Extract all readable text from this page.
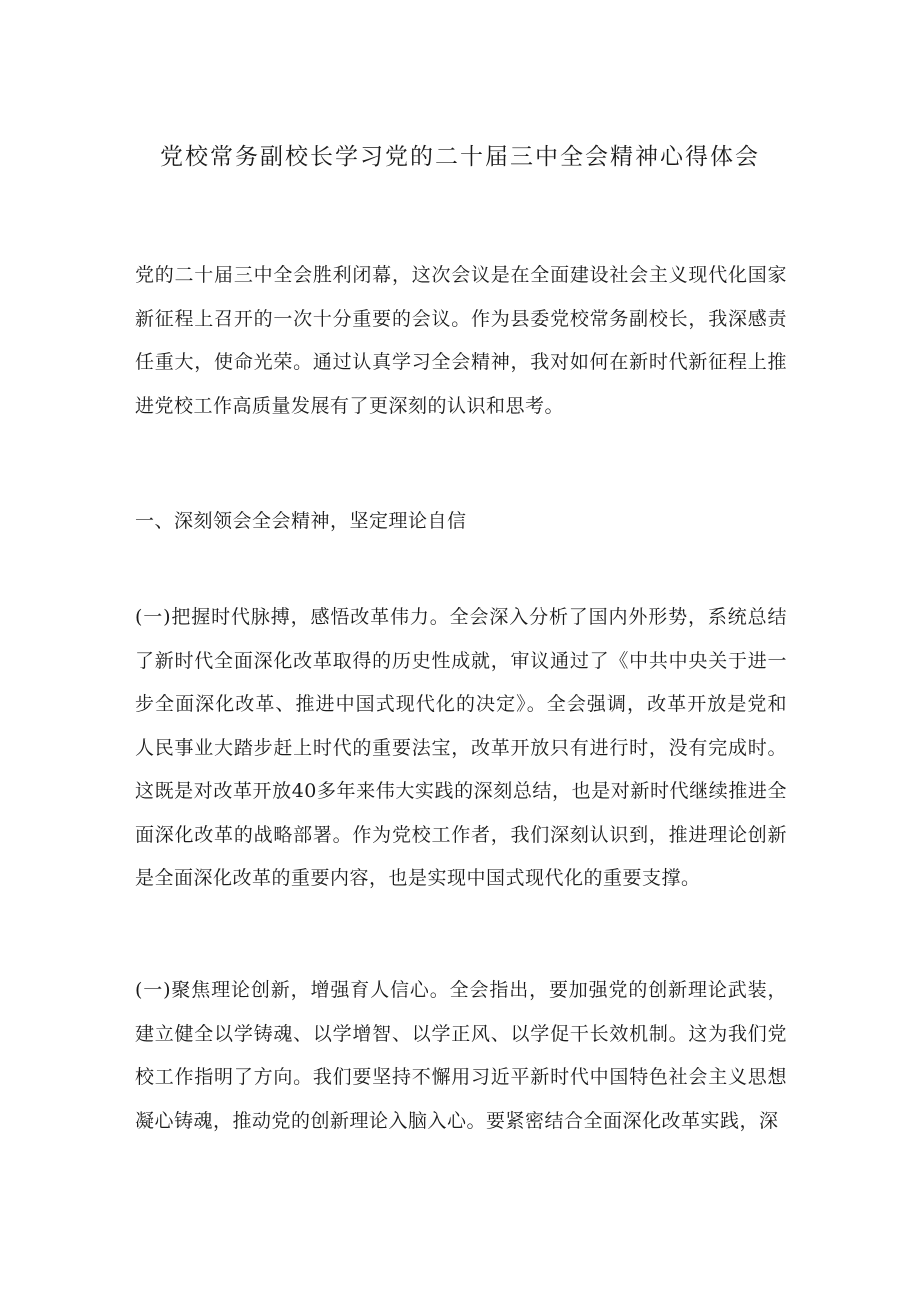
党校常务副校长学习党的二十届三中全会精神心得体会

党的二十届三中全会胜利闭幕，这次会议是在全面建设社会主义现代化国家新征程上召开的一次十分重要的会议。作为县委党校常务副校长，我深感责任重大，使命光荣。通过认真学习全会精神，我对如何在新时代新征程上推进党校工作高质量发展有了更深刻的认识和思考。

一、深刻领会全会精神，坚定理论自信

(一)把握时代脉搏，感悟改革伟力。全会深入分析了国内外形势，系统总结了新时代全面深化改革取得的历史性成就，审议通过了《中共中央关于进一步全面深化改革、推进中国式现代化的决定》。全会强调，改革开放是党和人民事业大踏步赶上时代的重要法宝，改革开放只有进行时，没有完成时。这既是对改革开放40多年来伟大实践的深刻总结，也是对新时代继续推进全面深化改革的战略部署。作为党校工作者，我们深刻认识到，推进理论创新是全面深化改革的重要内容，也是实现中国式现代化的重要支撑。

(一)聚焦理论创新，增强育人信心。全会指出，要加强党的创新理论武装，建立健全以学铸魂、以学增智、以学正风、以学促干长效机制。这为我们党校工作指明了方向。我们要坚持不懈用习近平新时代中国特色社会主义思想凝心铸魂，推动党的创新理论入脑入心。要紧密结合全面深化改革实践，深
